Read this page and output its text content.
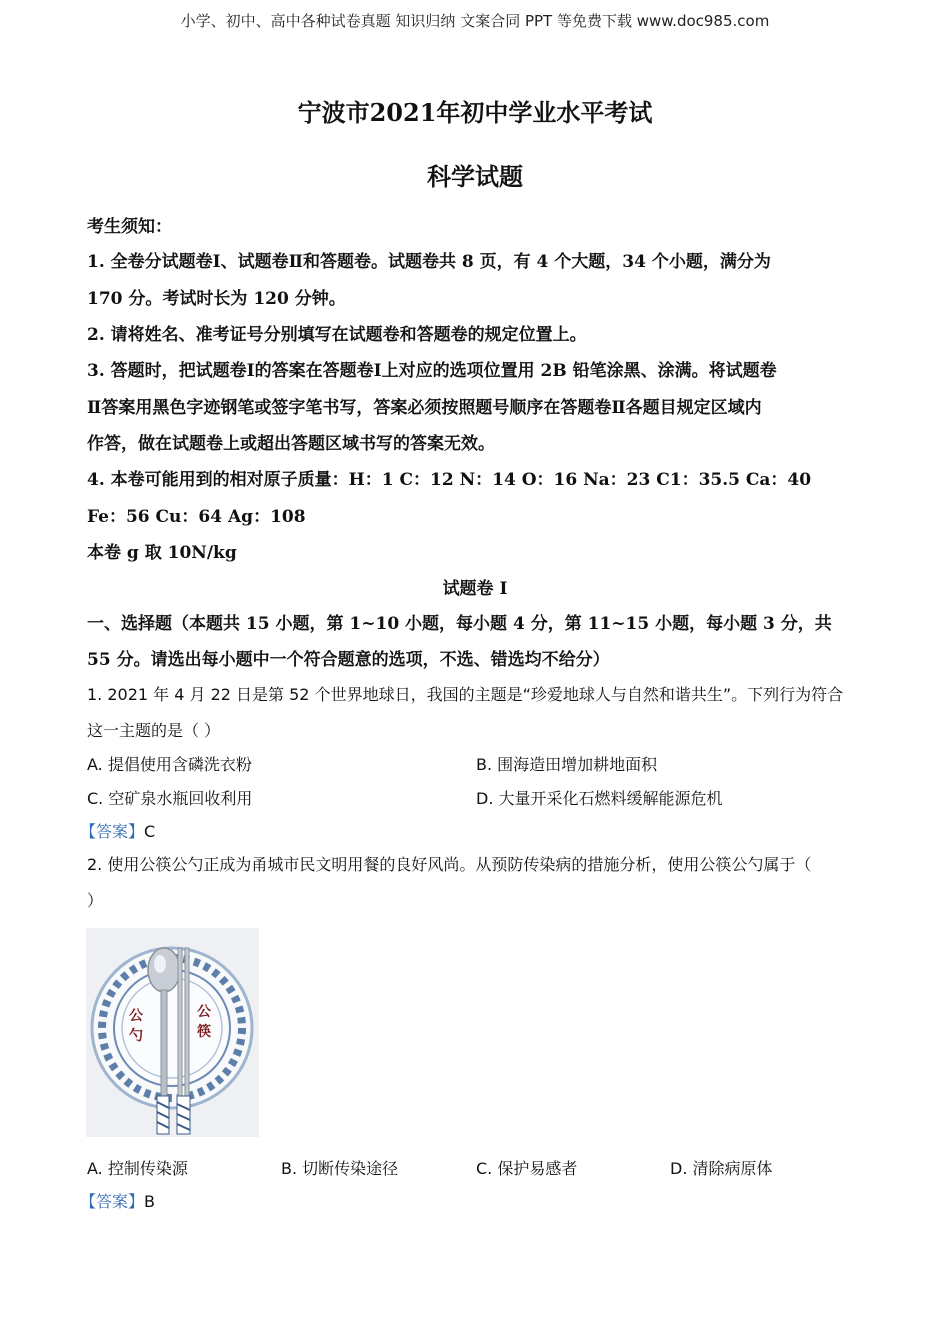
小学、初中、高中各种试卷真题 知识归纳 文案合同 PPT 等免费下载 www.doc985.com
宁波市2021年初中学业水平考试
科学试题
考生须知：
1. 全卷分试题卷Ⅰ、试题卷Ⅱ和答题卷。试题卷共 8 页，有 4 个大题，34 个小题，满分为
170 分。考试时长为 120 分钟。
2. 请将姓名、准考证号分别填写在试题卷和答题卷的规定位置上。
3. 答题时，把试题卷Ⅰ的答案在答题卷Ⅰ上对应的选项位置用 2B 铅笔涂黑、涂满。将试题卷
Ⅱ答案用黑色字迹钢笔或签字笔书写，答案必须按照题号顺序在答题卷Ⅱ各题目规定区域内
作答，做在试题卷上或超出答题区域书写的答案无效。
4. 本卷可能用到的相对原子质量：H：1 C：12 N：14 O：16 Na：23 C1：35.5 Ca：40
Fe：56 Cu：64 Ag：108
本卷 g 取 10N/kg
试题卷 I
一、选择题（本题共 15 小题，第 1~10 小题，每小题 4 分，第 11~15 小题，每小题 3 分，共
55 分。请选出每小题中一个符合题意的选项，不选、错选均不给分）
1. 2021 年 4 月 22 日是第 52 个世界地球日，我国的主题是“珍爱地球人与自然和谐共生”。下列行为符合
这一主题的是（ ）
A. 提倡使用含磷洗衣粉	B. 围海造田增加耕地面积
C. 空矿泉水瓶回收利用	D. 大量开采化石燃料缓解能源危机
【答案】C
2. 使用公筷公勺正成为甬城市民文明用餐的良好风尚。从预防传染病的措施分析，使用公筷公勺属于（
）
公勺
公筷
A. 控制传染源	B. 切断传染途径	C. 保护易感者	D. 清除病原体
【答案】B
